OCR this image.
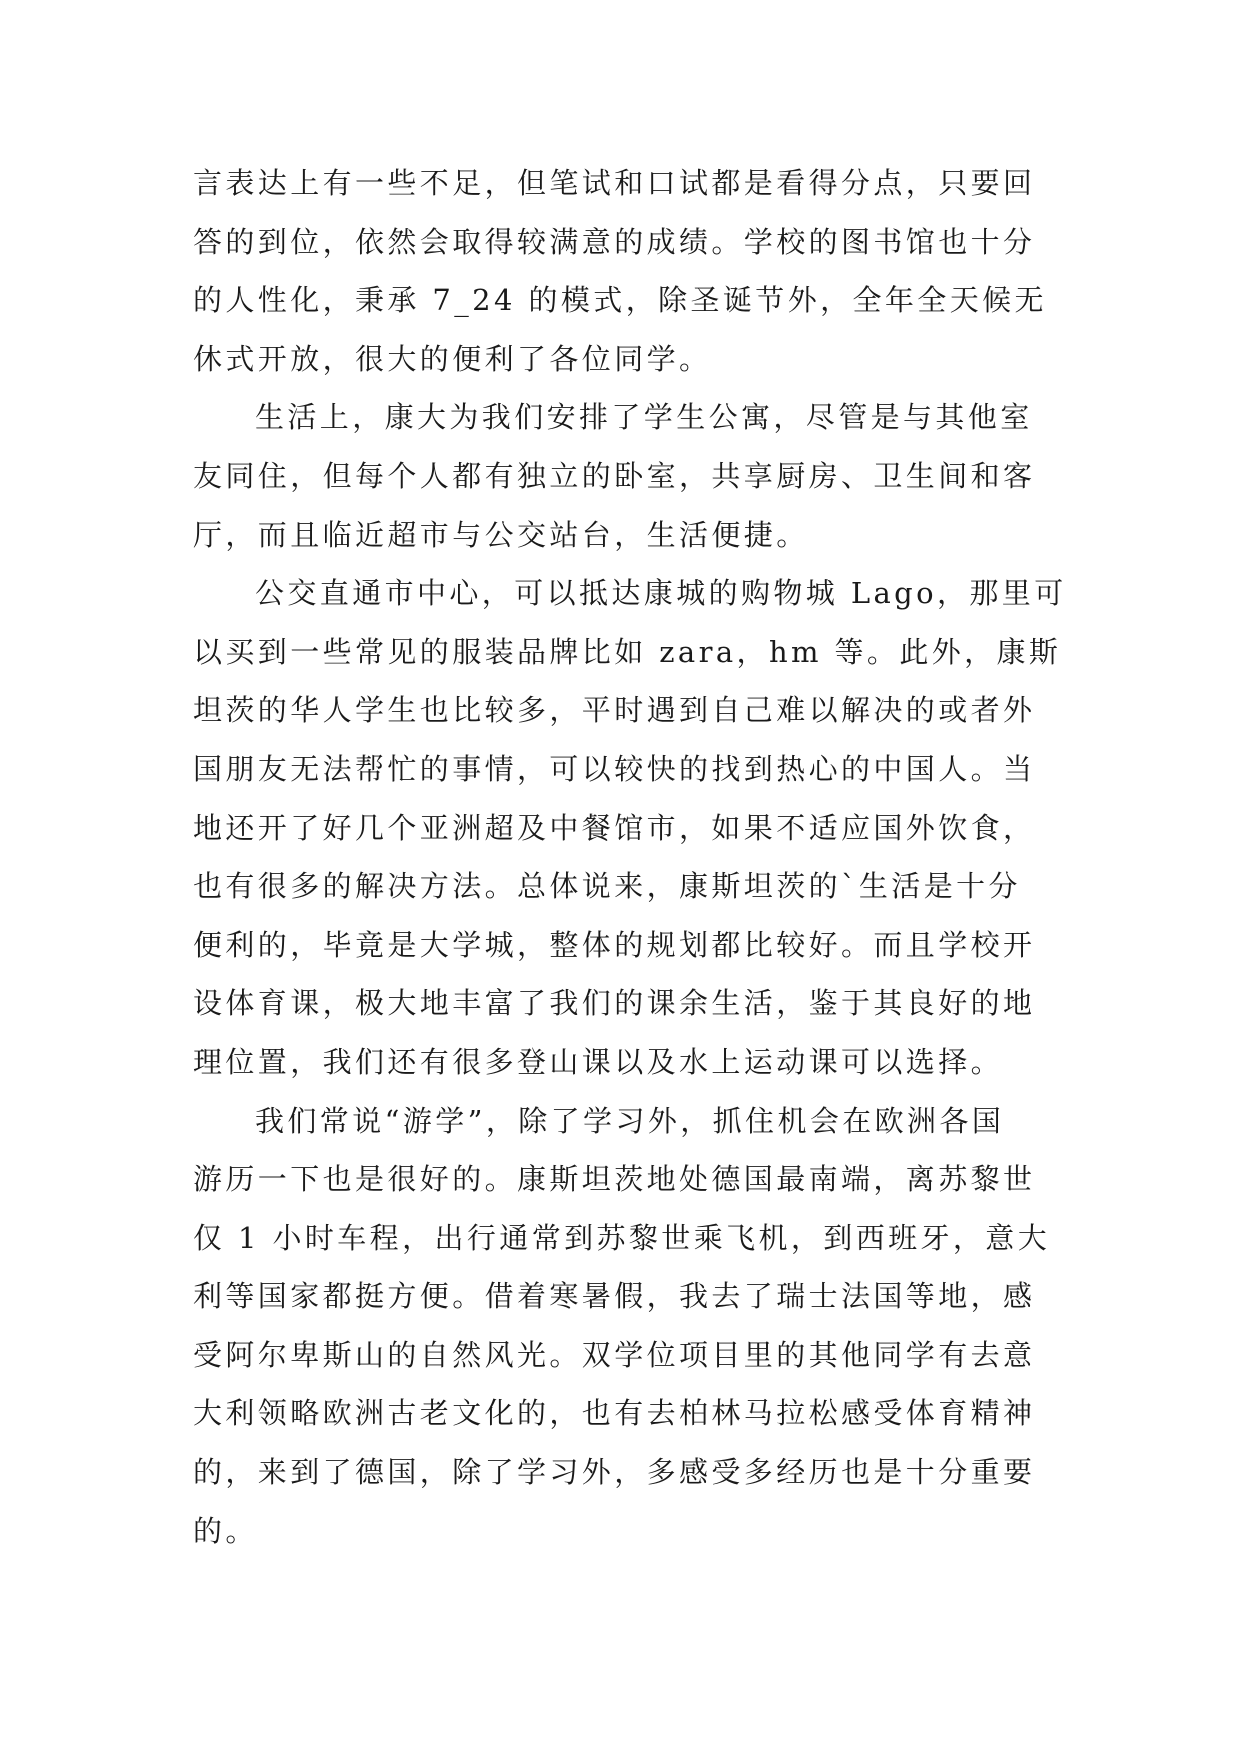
言表达上有一些不足，但笔试和口试都是看得分点，只要回
答的到位，依然会取得较满意的成绩。学校的图书馆也十分
的人性化，秉承 7_24 的模式，除圣诞节外，全年全天候无
休式开放，很大的便利了各位同学。
生活上，康大为我们安排了学生公寓，尽管是与其他室
友同住，但每个人都有独立的卧室，共享厨房、卫生间和客
厅，而且临近超市与公交站台，生活便捷。
公交直通市中心，可以抵达康城的购物城 Lago，那里可
以买到一些常见的服装品牌比如 zara，hm 等。此外，康斯
坦茨的华人学生也比较多，平时遇到自己难以解决的或者外
国朋友无法帮忙的事情，可以较快的找到热心的中国人。当
地还开了好几个亚洲超及中餐馆市，如果不适应国外饮食，
也有很多的解决方法。总体说来，康斯坦茨的`生活是十分
便利的，毕竟是大学城，整体的规划都比较好。而且学校开
设体育课，极大地丰富了我们的课余生活，鉴于其良好的地
理位置，我们还有很多登山课以及水上运动课可以选择。
我们常说“游学”，除了学习外，抓住机会在欧洲各国
游历一下也是很好的。康斯坦茨地处德国最南端，离苏黎世
仅 1 小时车程，出行通常到苏黎世乘飞机，到西班牙，意大
利等国家都挺方便。借着寒暑假，我去了瑞士法国等地，感
受阿尔卑斯山的自然风光。双学位项目里的其他同学有去意
大利领略欧洲古老文化的，也有去柏林马拉松感受体育精神
的，来到了德国，除了学习外，多感受多经历也是十分重要
的。
